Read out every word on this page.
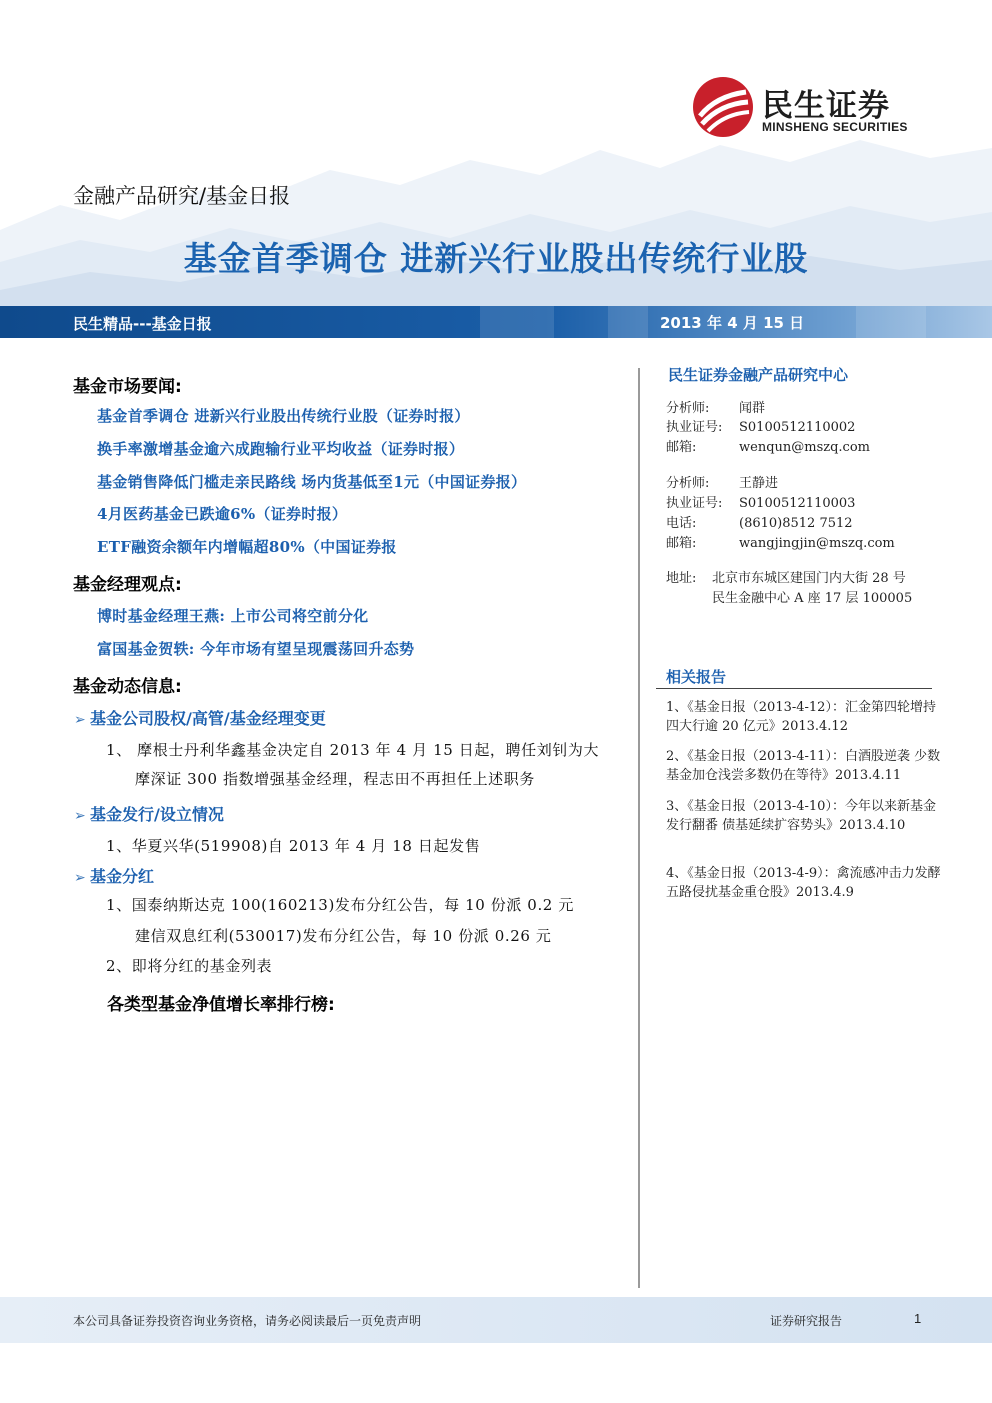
民生证券
MINSHENG SECURITIES
金融产品研究/基金日报
基金首季调仓 进新兴行业股出传统行业股
民生精品---基金日报	2013 年 4 月 15 日
基金市场要闻:
基金首季调仓 进新兴行业股出传统行业股（证券时报）
换手率激增基金逾六成跑输行业平均收益（证券时报）
基金销售降低门槛走亲民路线 场内货基低至1元（中国证券报）
4月医药基金已跌逾6%（证券时报）
ETF融资余额年内增幅超80%（中国证券报
基金经理观点:
博时基金经理王燕: 上市公司将空前分化
富国基金贺轶: 今年市场有望呈现震荡回升态势
基金动态信息:
➢ 基金公司股权/高管/基金经理变更
1、 摩根士丹利华鑫基金决定自 2013 年 4 月 15 日起，聘任刘钊为大
摩深证 300 指数增强基金经理，程志田不再担任上述职务
➢ 基金发行/设立情况
1、华夏兴华(519908)自 2013 年 4 月 18 日起发售
➢ 基金分红
1、国泰纳斯达克 100(160213)发布分红公告，每 10 份派 0.2 元
建信双息红利(530017)发布分红公告，每 10 份派 0.26 元
2、即将分红的基金列表
各类型基金净值增长率排行榜:
民生证券金融产品研究中心
分析师: 闻群
执业证号: S0100512110002
邮箱:	wenqun@mszq.com
分析师: 王静进
执业证号: S0100512110003
电话:	(8610)8512 7512
邮箱:	wangjingjin@mszq.com
地址: 北京市东城区建国门内大街 28 号
民生金融中心 A 座 17 层 100005
相关报告
1、《基金日报（2013-4-12）：汇金第四轮增持四大行逾 20 亿元》2013.4.12
2、《基金日报（2013-4-11）：白酒股逆袭 少数基金加仓浅尝多数仍在等待》2013.4.11
3、《基金日报（2013-4-10）：今年以来新基金发行翻番 债基延续扩容势头》2013.4.10
4、《基金日报（2013-4-9）：禽流感冲击力发酵 五路侵扰基金重仓股》2013.4.9
本公司具备证券投资咨询业务资格，请务必阅读最后一页免责声明	证券研究报告	1
